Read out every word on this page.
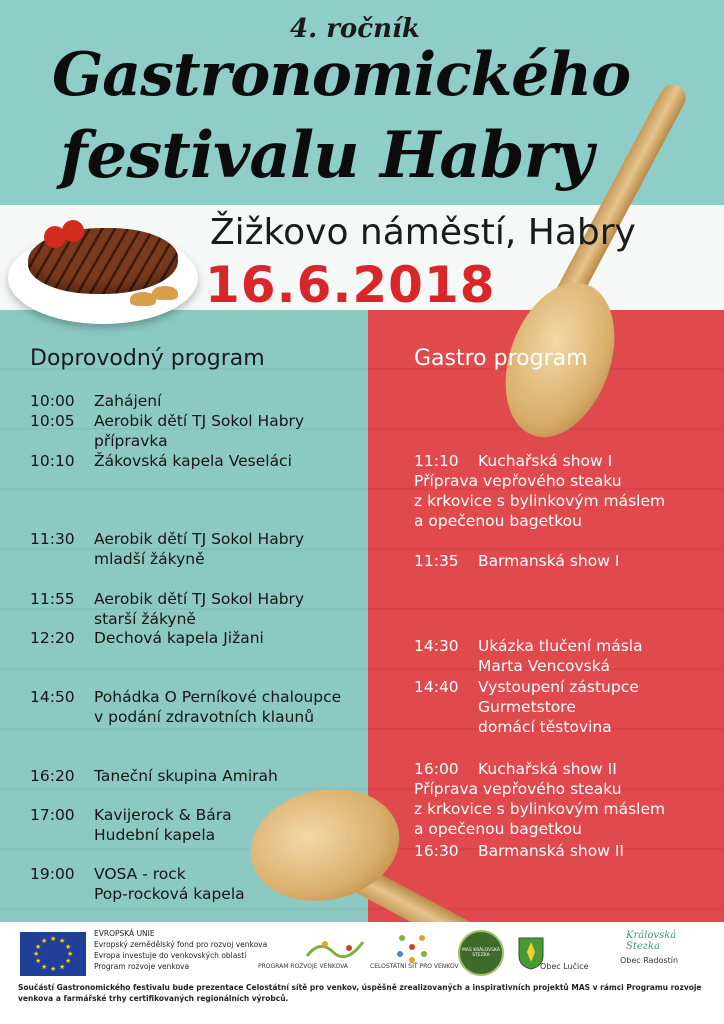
4. ročník
Gastronomického
festivalu Habry
Žižkovo náměstí, Habry
16.6.2018
Doprovodný program	Gastro program
10:00	Zahájení
10:05	Aerobik dětí TJ Sokol Habry
přípravka
10:10	Žákovská kapela Veseláci
11:30	Aerobik dětí TJ Sokol Habry
mladší žákyně
11:55	Aerobik dětí TJ Sokol Habry
starší žákyně
12:20	Dechová kapela Jižani
14:50	Pohádka O Perníkové chaloupce
v podání zdravotních klaunů
16:20	Taneční skupina Amirah
17:00	Kavijerock & Bára
Hudební kapela
19:00	VOSA - rock
Pop-rocková kapela
11:10	Kuchařská show I
Příprava vepřového steaku
z krkovice s bylinkovým máslem
a opečenou bagetkou
11:35	Barmanská show I
14:30	Ukázka tlučení másla
Marta Vencovská
14:40	Vystoupení zástupce
Gurmetstore
domácí těstovina
16:00	Kuchařská show II
Příprava vepřového steaku
z krkovice s bylinkovým máslem
a opečenou bagetkou
16:30	Barmanská show II
★ ★
★
★
★
★
★
★
★
★
★
★
EVROPSKÁ UNIE
Evropský zemědělský fond pro rozvoj venkova
Evropa investuje do venkovských oblastí
Program rozvoje venkova	PROGRAM ROZVOJE VENKOVA	CELOSTÁTNÍ SÍŤ PRO VENKOV
MAS KRÁLOVSKÁ STEZKA
Obec Lučice
Královská Stezka
Obec Radostín
Součástí Gastronomického festivalu bude prezentace Celostátní sítě pro venkov, úspěšně zrealizovaných a inspirativních projektů MAS v rámci Programu rozvoje venkova a farmářské trhy certifikovaných regionálních výrobců.
